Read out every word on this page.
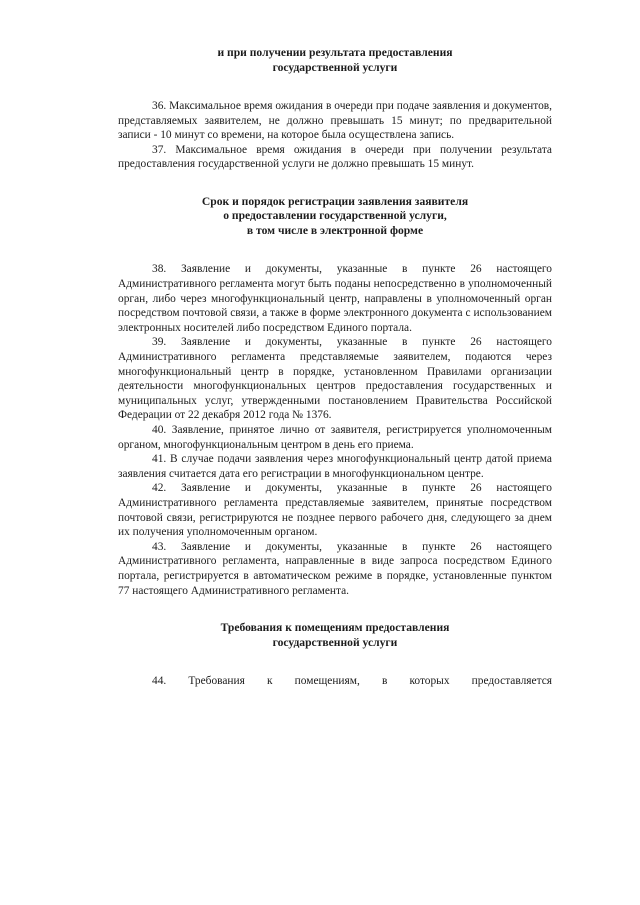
и при получении результата предоставления
государственной услуги

36. Максимальное время ожидания в очереди при подаче заявления и документов, представляемых заявителем, не должно превышать 15 минут; по предварительной записи - 10 минут со времени, на которое была осуществлена запись.

37. Максимальное время ожидания в очереди при получении результата предоставления государственной услуги не должно превышать 15 минут.

Срок и порядок регистрации заявления заявителя
о предоставлении государственной услуги,
в том числе в электронной форме

38. Заявление и документы, указанные в пункте 26 настоящего Административного регламента могут быть поданы непосредственно в уполномоченный орган, либо через многофункциональный центр, направлены в уполномоченный орган посредством почтовой связи, а также в форме электронного документа с использованием электронных носителей либо посредством Единого портала.

39. Заявление и документы, указанные в пункте 26 настоящего Административного регламента представляемые заявителем, подаются через многофункциональный центр в порядке, установленном Правилами организации деятельности многофункциональных центров предоставления государственных и муниципальных услуг, утвержденными постановлением Правительства Российской Федерации от 22 декабря 2012 года № 1376.

40. Заявление, принятое лично от заявителя, регистрируется уполномоченным органом, многофункциональным центром в день его приема.

41. В случае подачи заявления через многофункциональный центр датой приема заявления считается дата его регистрации в многофункциональном центре.

42. Заявление и документы, указанные в пункте 26 настоящего Административного регламента представляемые заявителем, принятые посредством почтовой связи, регистрируются не позднее первого рабочего дня, следующего за днем их получения уполномоченным органом.

43. Заявление и документы, указанные в пункте 26 настоящего Административного регламента, направленные в виде запроса посредством Единого портала, регистрируется в автоматическом режиме в порядке, установленные пунктом 77 настоящего Административного регламента.

Требования к помещениям предоставления
государственной услуги

44. Требования к помещениям, в которых предоставляется
